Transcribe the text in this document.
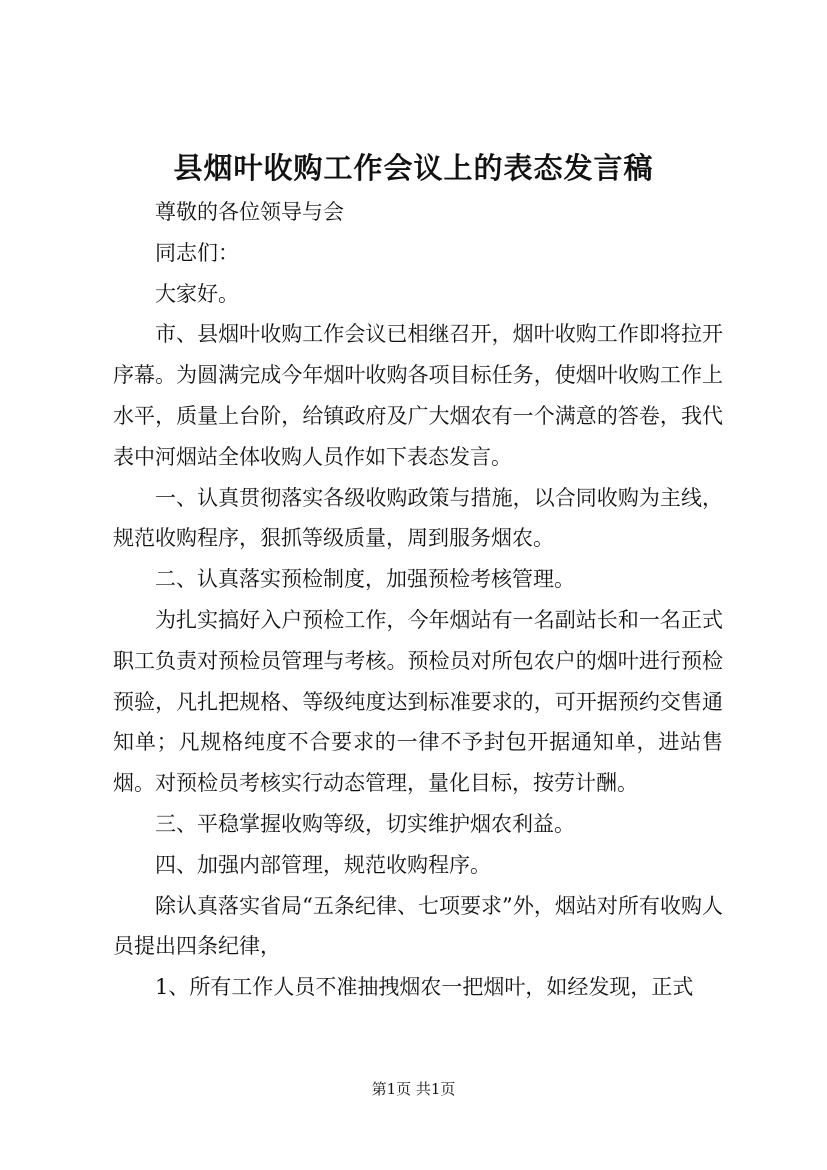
县烟叶收购工作会议上的表态发言稿

尊敬的各位领导与会

同志们：

大家好。

市、县烟叶收购工作会议已相继召开，烟叶收购工作即将拉开序幕。为圆满完成今年烟叶收购各项目标任务，使烟叶收购工作上水平，质量上台阶，给镇政府及广大烟农有一个满意的答卷，我代表中河烟站全体收购人员作如下表态发言。

一、认真贯彻落实各级收购政策与措施，以合同收购为主线，规范收购程序，狠抓等级质量，周到服务烟农。

二、认真落实预检制度，加强预检考核管理。

为扎实搞好入户预检工作，今年烟站有一名副站长和一名正式职工负责对预检员管理与考核。预检员对所包农户的烟叶进行预检预验，凡扎把规格、等级纯度达到标准要求的，可开据预约交售通知单；凡规格纯度不合要求的一律不予封包开据通知单，进站售烟。对预检员考核实行动态管理，量化目标，按劳计酬。

三、平稳掌握收购等级，切实维护烟农利益。

四、加强内部管理，规范收购程序。

除认真落实省局“五条纪律、七项要求”外，烟站对所有收购人员提出四条纪律，

1、所有工作人员不准抽拽烟农一把烟叶，如经发现，正式

第1页 共1页
